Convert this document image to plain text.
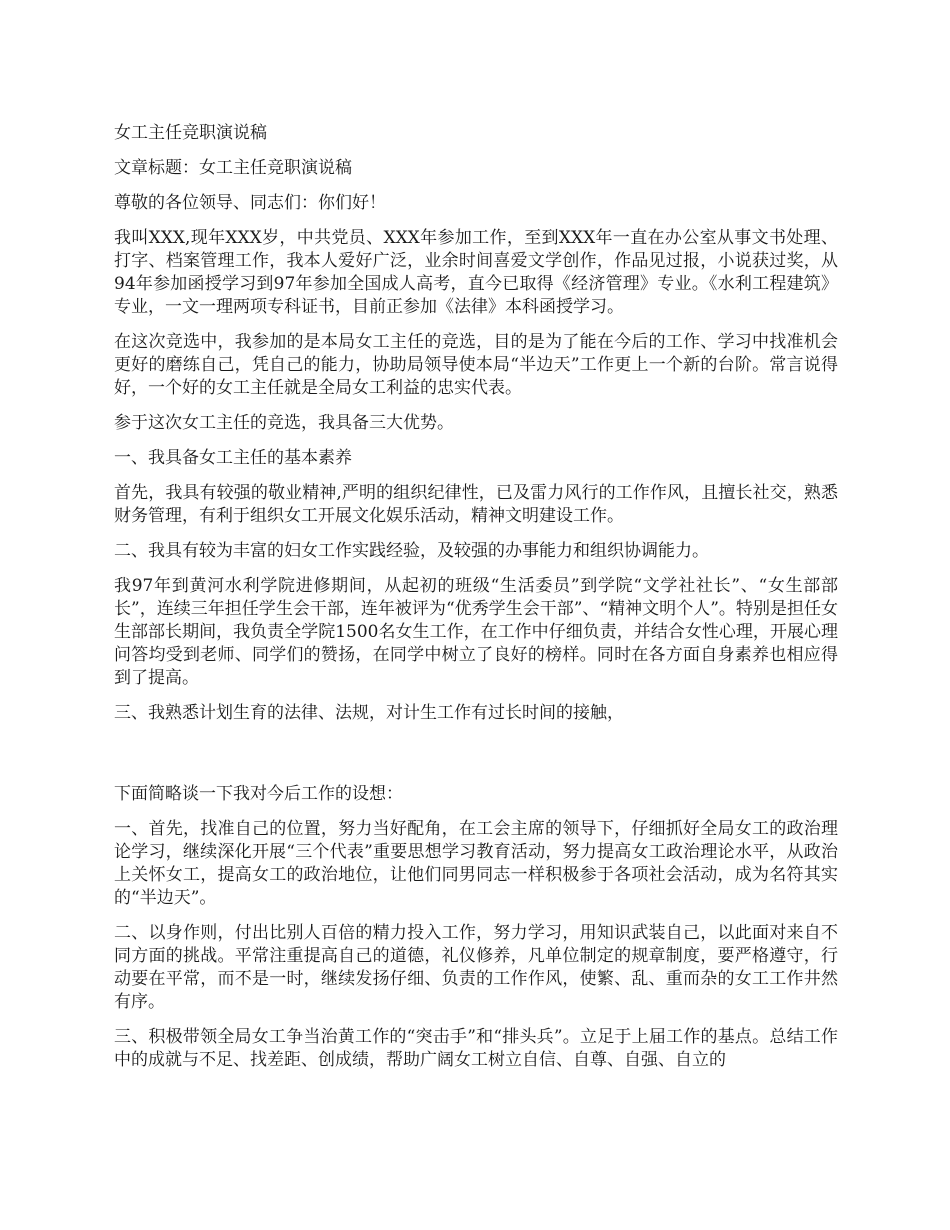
女工主任竞职演说稿

文章标题：女工主任竞职演说稿

尊敬的各位领导、同志们：你们好！

我叫XXX,现年XXX岁，中共党员、XXX年参加工作，至到XXX年一直在办公室从事文书处理、打字、档案管理工作，我本人爱好广泛，业余时间喜爱文学创作，作品见过报，小说获过奖，从94年参加函授学习到97年参加全国成人高考，直今已取得《经济管理》专业。《水利工程建筑》专业，一文一理两项专科证书，目前正参加《法律》本科函授学习。

在这次竞选中，我参加的是本局女工主任的竞选，目的是为了能在今后的工作、学习中找准机会更好的磨练自己，凭自己的能力，协助局领导使本局“半边天”工作更上一个新的台阶。常言说得好，一个好的女工主任就是全局女工利益的忠实代表。

参于这次女工主任的竞选，我具备三大优势。

一、我具备女工主任的基本素养

首先，我具有较强的敬业精神,严明的组织纪律性，已及雷力风行的工作作风，且擅长社交，熟悉财务管理，有利于组织女工开展文化娱乐活动，精神文明建设工作。

二、我具有较为丰富的妇女工作实践经验，及较强的办事能力和组织协调能力。

我97年到黄河水利学院进修期间，从起初的班级“生活委员”到学院“文学社社长”、“女生部部长”，连续三年担任学生会干部，连年被评为“优秀学生会干部”、“精神文明个人”。特别是担任女生部部长期间，我负责全学院1500名女生工作，在工作中仔细负责，并结合女性心理，开展心理问答均受到老师、同学们的赞扬，在同学中树立了良好的榜样。同时在各方面自身素养也相应得到了提高。

三、我熟悉计划生育的法律、法规，对计生工作有过长时间的接触，

下面简略谈一下我对今后工作的设想：

一、首先，找准自己的位置，努力当好配角，在工会主席的领导下，仔细抓好全局女工的政治理论学习，继续深化开展“三个代表”重要思想学习教育活动，努力提高女工政治理论水平，从政治上关怀女工，提高女工的政治地位，让他们同男同志一样积极参于各项社会活动，成为名符其实的“半边天”。

二、以身作则，付出比别人百倍的精力投入工作，努力学习，用知识武装自己，以此面对来自不同方面的挑战。平常注重提高自己的道德，礼仪修养，凡单位制定的规章制度，要严格遵守，行动要在平常，而不是一时，继续发扬仔细、负责的工作作风，使繁、乱、重而杂的女工工作井然有序。

三、积极带领全局女工争当治黄工作的“突击手”和“排头兵”。立足于上届工作的基点。总结工作中的成就与不足、找差距、创成绩，帮助广阔女工树立自信、自尊、自强、自立的
